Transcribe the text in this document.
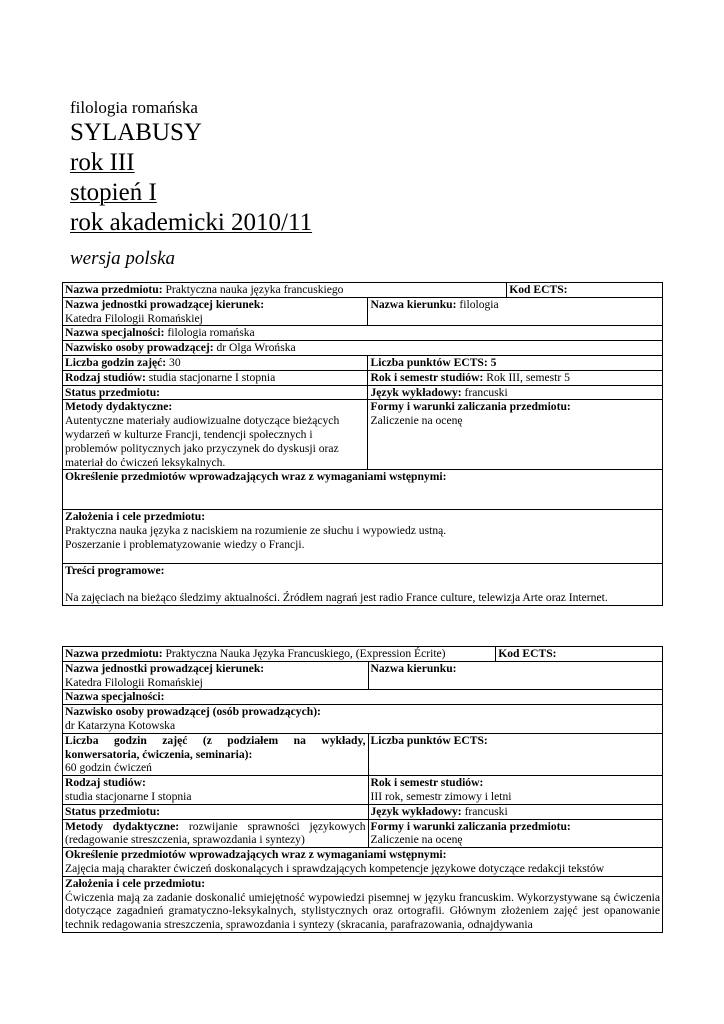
filologia romańska

SYLABUSY

rok III

stopień I

rok akademicki 2010/11

wersja polska

Nazwa przedmiotu: Praktyczna nauka języka francuskiego		Kod ECTS:
Nazwa jednostki prowadzącej kierunek:
Katedra Filologii Romańskiej	Nazwa kierunku: filologia	
Nazwa specjalności: filologia romańska		
Nazwisko osoby prowadzącej: dr Olga Wrońska		
Liczba godzin zajęć: 30	Liczba punktów ECTS: 5	
Rodzaj studiów: studia stacjonarne I stopnia	Rok i semestr studiów: Rok III, semestr 5	
Status przedmiotu:	Język wykładowy: francuski	
Metody dydaktyczne:
Autentyczne materiały audiowizualne dotyczące bieżących
wydarzeń w kulturze Francji, tendencji społecznych i
problemów politycznych jako przyczynek do dyskusji oraz
materiał do ćwiczeń leksykalnych.	Formy i warunki zaliczania przedmiotu:
Zaliczenie na ocenę	
Określenie przedmiotów wprowadzających wraz z wymaganiami wstępnymi:		
Założenia i cele przedmiotu:
Praktyczna nauka języka z naciskiem na rozumienie ze słuchu i wypowiedz ustną.
Poszerzanie i problematyzowanie wiedzy o Francji.		
Treści programowe:
Na zajęciach na bieżąco śledzimy aktualności. Źródłem nagrań jest radio France culture, telewizja Arte oraz Internet.		
Nazwa przedmiotu: Praktyczna Nauka Języka Francuskiego, (Expression Écrite)		Kod ECTS:
Nazwa jednostki prowadzącej kierunek:
Katedra Filologii Romańskiej	Nazwa kierunku:	
Nazwa specjalności:		
Nazwisko osoby prowadzącej (osób prowadzących):
dr Katarzyna Kotowska		
Liczba godzin zajęć (z podziałem na wykłady, konwersatoria, ćwiczenia, seminaria):
60 godzin ćwiczeń	Liczba punktów ECTS:	
Rodzaj studiów:
studia stacjonarne I stopnia	Rok i semestr studiów:
III rok, semestr zimowy i letni	
Status przedmiotu:	Język wykładowy: francuski	
Metody dydaktyczne: rozwijanie sprawności językowych (redagowanie streszczenia, sprawozdania i syntezy)	Formy i warunki zaliczania przedmiotu:
Zaliczenie na ocenę	
Określenie przedmiotów wprowadzających wraz z wymaganiami wstępnymi:
Zajęcia mają charakter ćwiczeń doskonalących i sprawdzających kompetencje językowe dotyczące redakcji tekstów		
Założenia i cele przedmiotu:
Ćwiczenia mają za zadanie doskonalić umiejętność wypowiedzi pisemnej w języku francuskim. Wykorzystywane są ćwiczenia dotyczące zagadnień gramatyczno-leksykalnych, stylistycznych oraz ortografii. Głównym złożeniem zajęć jest opanowanie technik redagowania streszczenia, sprawozdania i syntezy (skracania, parafrazowania, odnajdywania		
